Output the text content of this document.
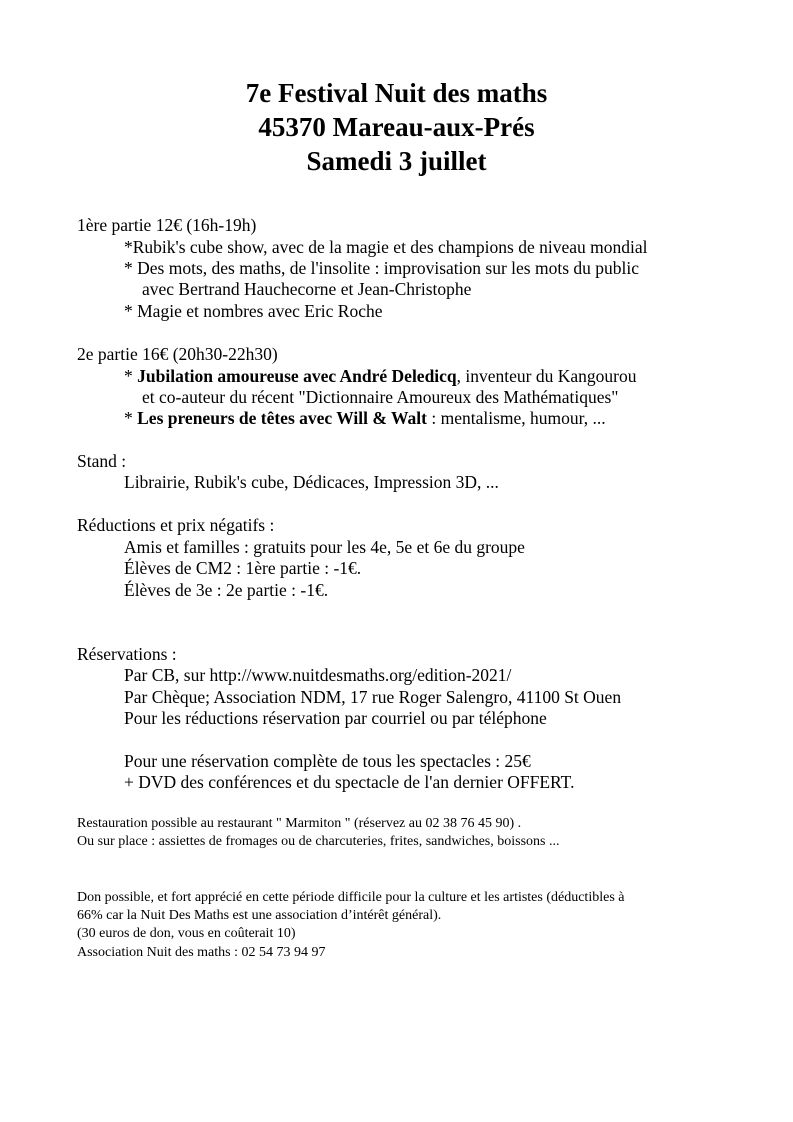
7e Festival Nuit des maths
45370 Mareau-aux-Prés
Samedi 3 juillet
1ère partie 12€ (16h-19h)
*Rubik's cube show, avec de la magie et des champions de niveau mondial
* Des mots, des maths, de l'insolite : improvisation sur les mots du public
avec Bertrand Hauchecorne et Jean-Christophe
* Magie et nombres avec Eric Roche
2e partie 16€ (20h30-22h30)
* Jubilation amoureuse avec André Deledicq, inventeur du Kangourou
et co-auteur du récent "Dictionnaire Amoureux des Mathématiques"
* Les preneurs de têtes avec Will & Walt : mentalisme, humour, ...
Stand :
Librairie, Rubik's cube, Dédicaces, Impression 3D, ...
Réductions et prix négatifs :
Amis et familles : gratuits pour les 4e, 5e et 6e du groupe
Élèves de CM2 : 1ère partie : -1€.
Élèves de 3e : 2e partie : -1€.
Réservations :
Par CB, sur http://www.nuitdesmaths.org/edition-2021/
Par Chèque; Association NDM, 17 rue Roger Salengro, 41100 St Ouen
Pour les réductions réservation par courriel ou par téléphone
Pour une réservation complète de tous les spectacles : 25€
+ DVD des conférences et du spectacle de l'an dernier OFFERT.
Restauration possible au restaurant " Marmiton " (réservez au 02 38 76 45 90) .
Ou sur place : assiettes de fromages ou de charcuteries, frites, sandwiches, boissons ...
Don possible, et fort apprécié en cette période difficile pour la culture et les artistes (déductibles à
66% car la Nuit Des Maths est une association d’intérêt général).
(30 euros de don, vous en coûterait 10)
Association Nuit des maths : 02 54 73 94 97
